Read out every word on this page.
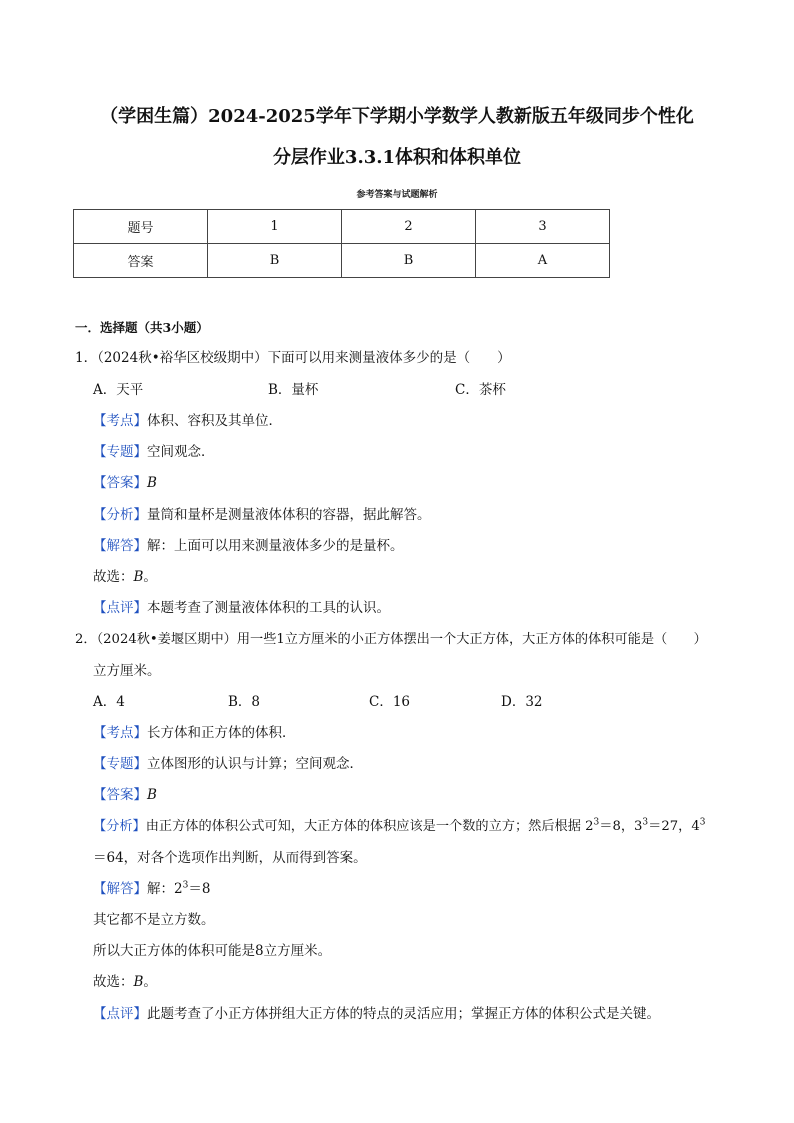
（学困生篇）2024-2025学年下学期小学数学人教新版五年级同步个性化
分层作业3.3.1体积和体积单位
参考答案与试题解析
题号	1	2	3
答案	B	B	A
一．选择题（共3小题）
1．（2024秋•裕华区校级期中）下面可以用来测量液体多少的是（　　）
A．天平	B．量杯	C．茶杯
【考点】体积、容积及其单位．
【专题】空间观念．
【答案】B
【分析】量筒和量杯是测量液体体积的容器，据此解答。
【解答】解：上面可以用来测量液体多少的是量杯。
故选：B。
【点评】本题考查了测量液体体积的工具的认识。
2．（2024秋•姜堰区期中）用一些1立方厘米的小正方体摆出一个大正方体，大正方体的体积可能是（　　）
立方厘米。
A．4	B．8	C．16	D．32
【考点】长方体和正方体的体积．
【专题】立体图形的认识与计算；空间观念．
【答案】B
【分析】由正方体的体积公式可知，大正方体的体积应该是一个数的立方；然后根据 $2^3=8$，$3^3=27$，$4^3$
＝64，对各个选项作出判断，从而得到答案。
【解答】解：$2^3=8$
其它都不是立方数。
所以大正方体的体积可能是8立方厘米。
故选：B。
【点评】此题考查了小正方体拼组大正方体的特点的灵活应用；掌握正方体的体积公式是关键。
